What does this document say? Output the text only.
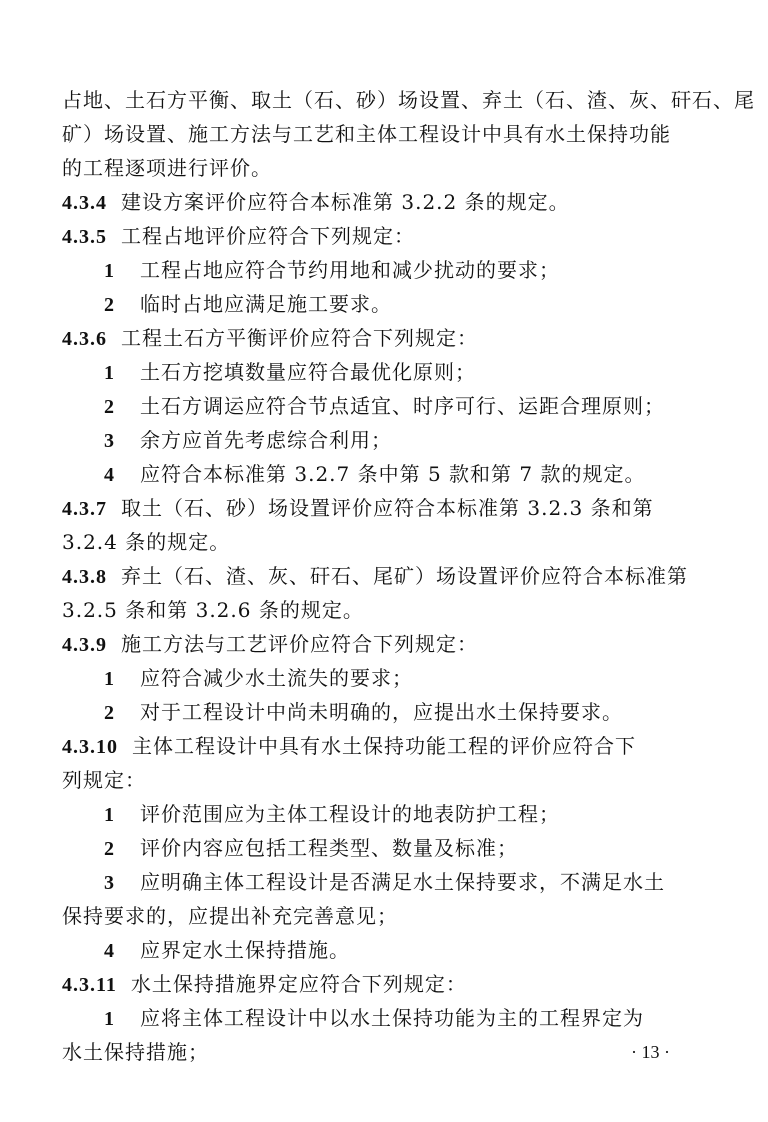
占地、土石方平衡、取土（石、砂）场设置、弃土（石、渣、灰、矸石、尾
矿）场设置、施工方法与工艺和主体工程设计中具有水土保持功能
的工程逐项进行评价。
4.3.4 建设方案评价应符合本标准第 3.2.2 条的规定。
4.3.5 工程占地评价应符合下列规定：
1 工程占地应符合节约用地和减少扰动的要求；
2 临时占地应满足施工要求。
4.3.6 工程土石方平衡评价应符合下列规定：
1 土石方挖填数量应符合最优化原则；
2 土石方调运应符合节点适宜、时序可行、运距合理原则；
3 余方应首先考虑综合利用；
4 应符合本标准第 3.2.7 条中第 5 款和第 7 款的规定。
4.3.7 取土（石、砂）场设置评价应符合本标准第 3.2.3 条和第
3.2.4 条的规定。
4.3.8 弃土（石、渣、灰、矸石、尾矿）场设置评价应符合本标准第
3.2.5 条和第 3.2.6 条的规定。
4.3.9 施工方法与工艺评价应符合下列规定：
1 应符合减少水土流失的要求；
2 对于工程设计中尚未明确的，应提出水土保持要求。
4.3.10 主体工程设计中具有水土保持功能工程的评价应符合下
列规定：
1 评价范围应为主体工程设计的地表防护工程；
2 评价内容应包括工程类型、数量及标准；
3 应明确主体工程设计是否满足水土保持要求，不满足水土
保持要求的，应提出补充完善意见；
4 应界定水土保持措施。
4.3.11 水土保持措施界定应符合下列规定：
1 应将主体工程设计中以水土保持功能为主的工程界定为
水土保持措施；	· 13 ·
